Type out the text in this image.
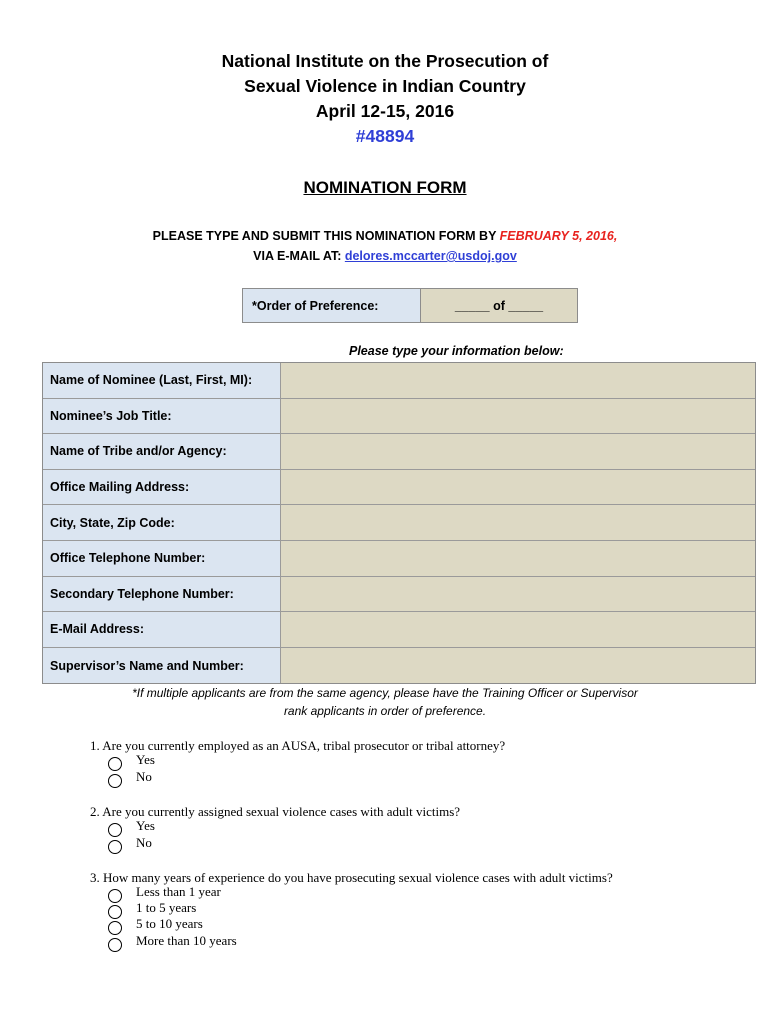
National Institute on the Prosecution of
Sexual Violence in Indian Country
April 12-15, 2016
#48894
NOMINATION FORM
PLEASE TYPE AND SUBMIT THIS NOMINATION FORM BY FEBRUARY 5, 2016,
VIA E-MAIL AT: delores.mccarter@usdoj.gov
*Order of Preference:	_____ of _____
Please type your information below:
Name of Nominee (Last, First, MI):
Nominee’s Job Title:
Name of Tribe and/or Agency:
Office Mailing Address:
City, State, Zip Code:
Office Telephone Number:
Secondary Telephone Number:
E-Mail Address:
Supervisor’s Name and Number:
*If multiple applicants are from the same agency, please have the Training Officer or Supervisor
rank applicants in order of preference.
1. Are you currently employed as an AUSA, tribal prosecutor or tribal attorney?
Yes
No
2. Are you currently assigned sexual violence cases with adult victims?
Yes
No
3. How many years of experience do you have prosecuting sexual violence cases with adult victims?
Less than 1 year
1 to 5 years
5 to 10 years
More than 10 years
